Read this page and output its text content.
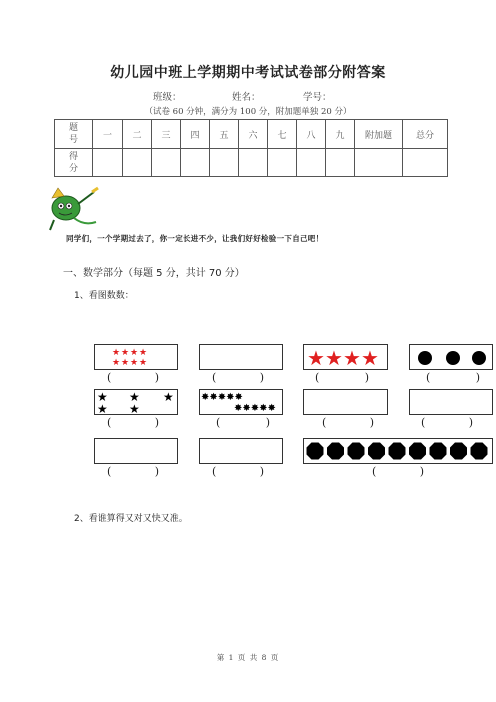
幼儿园中班上学期期中考试试卷部分附答案
班级：	姓名：	学号：
（试卷 60 分钟，满分为 100 分，附加题单独 20 分）
题号	一	二	三	四	五	六	七	八	九	附加题	总分
得分											
同学们，一个学期过去了，你一定长进不少，让我们好好检验一下自己吧！
一、数学部分（每题 5 分，共计 70 分）
1、看图数数：
★ ★ ★ ★
★ ★ ★ ★	★ ★ ★ ★
(	)	(	)	(	)	(	)
★ ★ ★
★ ★
✸✸✸✸✸
✸✸✸✸✸
(	)	(	)	(	)	(	)
(	)	(	)	(	)
2、看谁算得又对又快又准。
第 1 页 共 8 页
